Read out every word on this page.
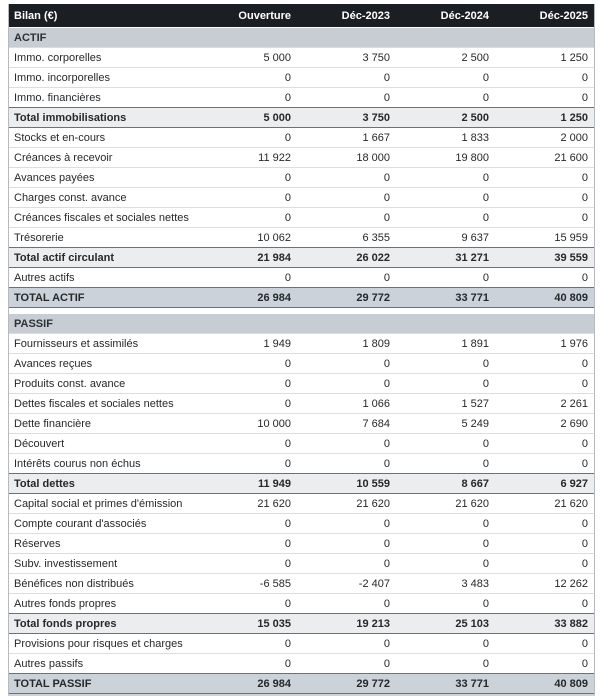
Bilan (€)	Ouverture	Déc-2023	Déc-2024	Déc-2025
ACTIF				
Immo. corporelles	5 000	3 750	2 500	1 250
Immo. incorporelles	0	0	0	0
Immo. financières	0	0	0	0
Total immobilisations	5 000	3 750	2 500	1 250
Stocks et en-cours	0	1 667	1 833	2 000
Créances à recevoir	11 922	18 000	19 800	21 600
Avances payées	0	0	0	0
Charges const. avance	0	0	0	0
Créances fiscales et sociales nettes	0	0	0	0
Trésorerie	10 062	6 355	9 637	15 959
Total actif circulant	21 984	26 022	31 271	39 559
Autres actifs	0	0	0	0
TOTAL ACTIF	26 984	29 772	33 771	40 809

PASSIF				
Fournisseurs et assimilés	1 949	1 809	1 891	1 976
Avances reçues	0	0	0	0
Produits const. avance	0	0	0	0
Dettes fiscales et sociales nettes	0	1 066	1 527	2 261
Dette financière	10 000	7 684	5 249	2 690
Découvert	0	0	0	0
Intérêts courus non échus	0	0	0	0
Total dettes	11 949	10 559	8 667	6 927
Capital social et primes d'émission	21 620	21 620	21 620	21 620
Compte courant d'associés	0	0	0	0
Réserves	0	0	0	0
Subv. investissement	0	0	0	0
Bénéfices non distribués	-6 585	-2 407	3 483	12 262
Autres fonds propres	0	0	0	0
Total fonds propres	15 035	19 213	25 103	33 882
Provisions pour risques et charges	0	0	0	0
Autres passifs	0	0	0	0
TOTAL PASSIF	26 984	29 772	33 771	40 809
